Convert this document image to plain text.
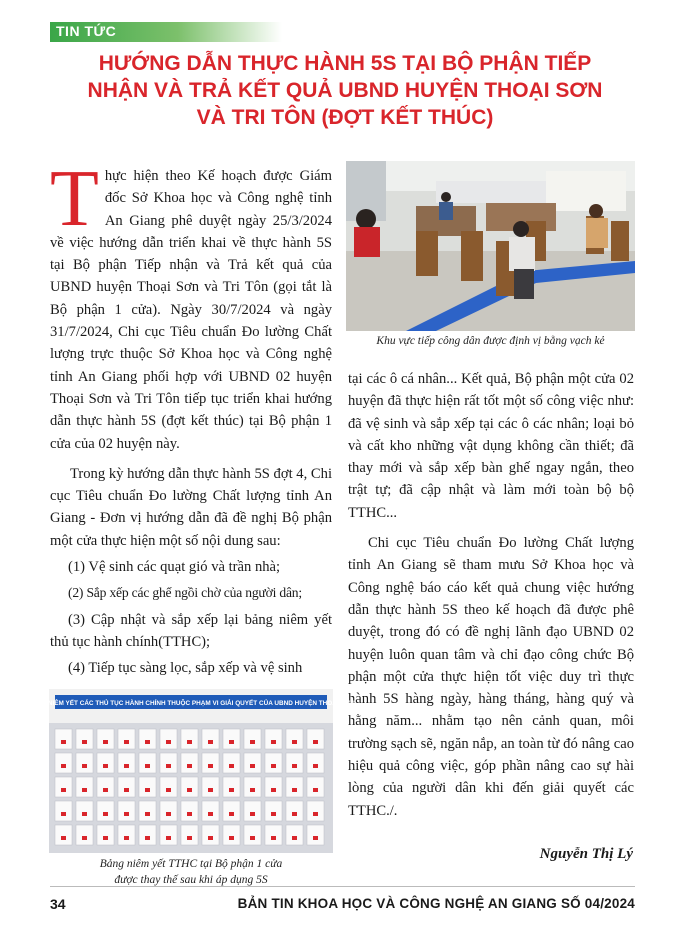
TIN TỨC
HƯỚNG DẪN THỰC HÀNH 5S TẠI BỘ PHẬN TIẾP
NHẬN VÀ TRẢ KẾT QUẢ UBND HUYỆN THOẠI SƠN
VÀ TRI TÔN (ĐỢT KẾT THÚC)

Thực hiện theo Kế hoạch được Giám đốc Sở Khoa học và Công nghệ tỉnh An Giang phê duyệt ngày 25/3/2024 về việc hướng dẫn triển khai về thực hành 5S tại Bộ phận Tiếp nhận và Trả kết quả của UBND huyện Thoại Sơn và Tri Tôn (gọi tắt là Bộ phận 1 cửa). Ngày 30/7/2024 và ngày 31/7/2024, Chi cục Tiêu chuẩn Đo lường Chất lượng trực thuộc Sở Khoa học và Công nghệ tỉnh An Giang phối hợp với UBND 02 huyện Thoại Sơn và Tri Tôn tiếp tục triển khai hướng dẫn thực hành 5S (đợt kết thúc) tại Bộ phận 1 cửa của 02 huyện này.

Trong kỳ hướng dẫn thực hành 5S đợt 4, Chi cục Tiêu chuẩn Đo lường Chất lượng tỉnh An Giang - Đơn vị hướng dẫn đã đề nghị Bộ phận một cửa thực hiện một số nội dung sau:

(1) Vệ sinh các quạt gió và trần nhà;

(2) Sắp xếp các ghế ngồi chờ của người dân;

(3) Cập nhật và sắp xếp lại bảng niêm yết thủ tục hành chính(TTHC);

(4) Tiếp tục sàng lọc, sắp xếp và vệ sinh

Khu vực tiếp công dân được định vị bằng vạch kẻ

tại các ô cá nhân... Kết quả, Bộ phận một cửa 02 huyện đã thực hiện rất tốt một số công việc như: đã vệ sinh và sắp xếp tại các ô các nhân; loại bỏ và cất kho những vật dụng không cần thiết; đã thay mới và sắp xếp bàn ghế ngay ngắn, theo trật tự; đã cập nhật và làm mới toàn bộ bộ TTHC...

Chi cục Tiêu chuẩn Đo lường Chất lượng tỉnh An Giang sẽ tham mưu Sở Khoa học và Công nghệ báo cáo kết quả chung việc hướng dẫn thực hành 5S theo kế hoạch đã được phê duyệt, trong đó có đề nghị lãnh đạo UBND 02 huyện luôn quan tâm và chỉ đạo công chức Bộ phận một cửa thực hiện tốt việc duy trì thực hành 5S hàng ngày, hàng tháng, hàng quý và hằng năm... nhằm tạo nên cảnh quan, môi trường sạch sẽ, ngăn nắp, an toàn từ đó nâng cao hiệu quả công việc, góp phần nâng cao sự hài lòng của người dân khi đến giải quyết các TTHC./.

Nguyễn Thị Lý
BẢNG NIÊM YẾT CÁC THỦ TỤC HÀNH CHÍNH THUỘC PHẠM VI GIẢI QUYẾT CỦA UBND HUYỆN THOẠI SƠN
Bảng niêm yết TTHC tại Bộ phận 1 cửa
được thay thế sau khi áp dụng 5S
34	BẢN TIN KHOA HỌC VÀ CÔNG NGHỆ AN GIANG SỐ 04/2024
